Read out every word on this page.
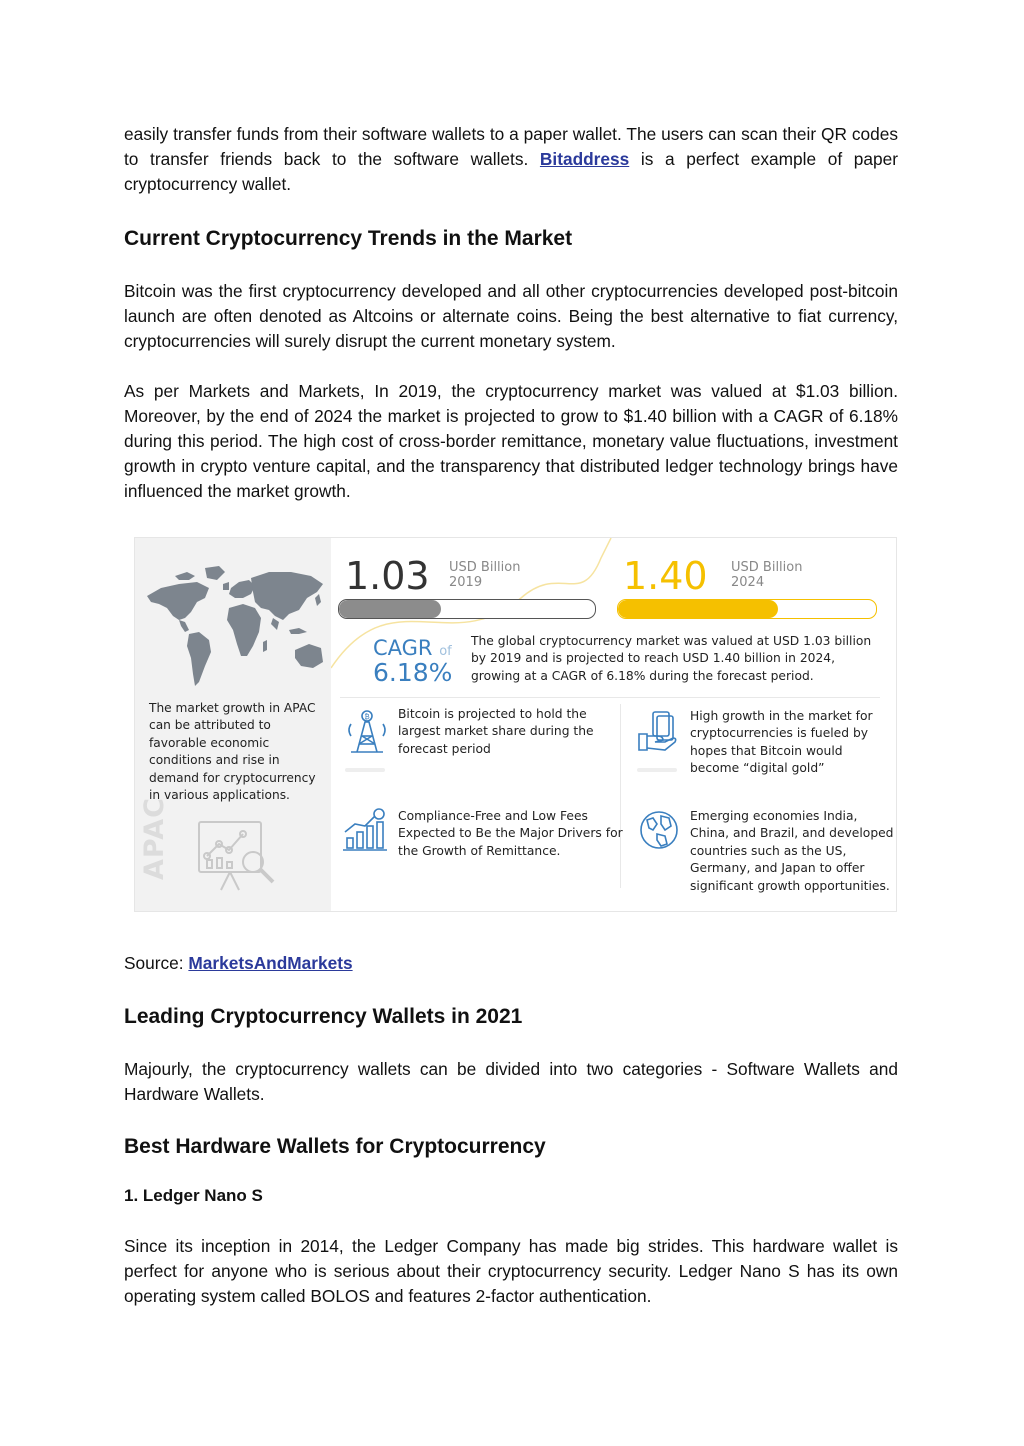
easily transfer funds from their software wallets to a paper wallet. The users can scan their QR codes to transfer friends back to the software wallets. Bitaddress is a perfect example of paper cryptocurrency wallet.

Current Cryptocurrency Trends in the Market

Bitcoin was the first cryptocurrency developed and all other cryptocurrencies developed post-bitcoin launch are often denoted as Altcoins or alternate coins. Being the best alternative to fiat currency, cryptocurrencies will surely disrupt the current monetary system.

As per Markets and Markets, In 2019, the cryptocurrency market was valued at $1.03 billion. Moreover, by the end of 2024 the market is projected to grow to $1.40 billion with a CAGR of 6.18% during this period. The high cost of cross-border remittance, monetary value fluctuations, investment growth in crypto venture capital, and the transparency that distributed ledger technology brings have influenced the market growth.

Source: MarketsAndMarkets

Leading Cryptocurrency Wallets in 2021

Majourly, the cryptocurrency wallets can be divided into two categories - Software Wallets and Hardware Wallets.

Best Hardware Wallets for Cryptocurrency
1. Ledger Nano S

Since its inception in 2014, the Ledger Company has made big strides. This hardware wallet is perfect for anyone who is serious about their cryptocurrency security. Ledger Nano S has its own operating system called BOLOS and features 2-factor authentication.

The market growth in APAC can be attributed to favorable economic conditions and rise in demand for cryptocurrency in various applications.
APAC
1.03 USD Billion
2019	1.40 USD Billion
2024
CAGR of
6.18%
The global cryptocurrency market was valued at USD 1.03 billion by 2019 and is projected to reach USD 1.40 billion in 2024, growing at a CAGR of 6.18% during the forecast period.
₿ Bitcoin is projected to hold the largest market share during the forecast period
High growth in the market for cryptocurrencies is fueled by hopes that Bitcoin would become “digital gold”
Compliance-Free and Low Fees Expected to Be the Major Drivers for the Growth of Remittance.
Emerging economies India, China, and Brazil, and developed countries such as the US, Germany, and Japan to offer significant growth opportunities.
